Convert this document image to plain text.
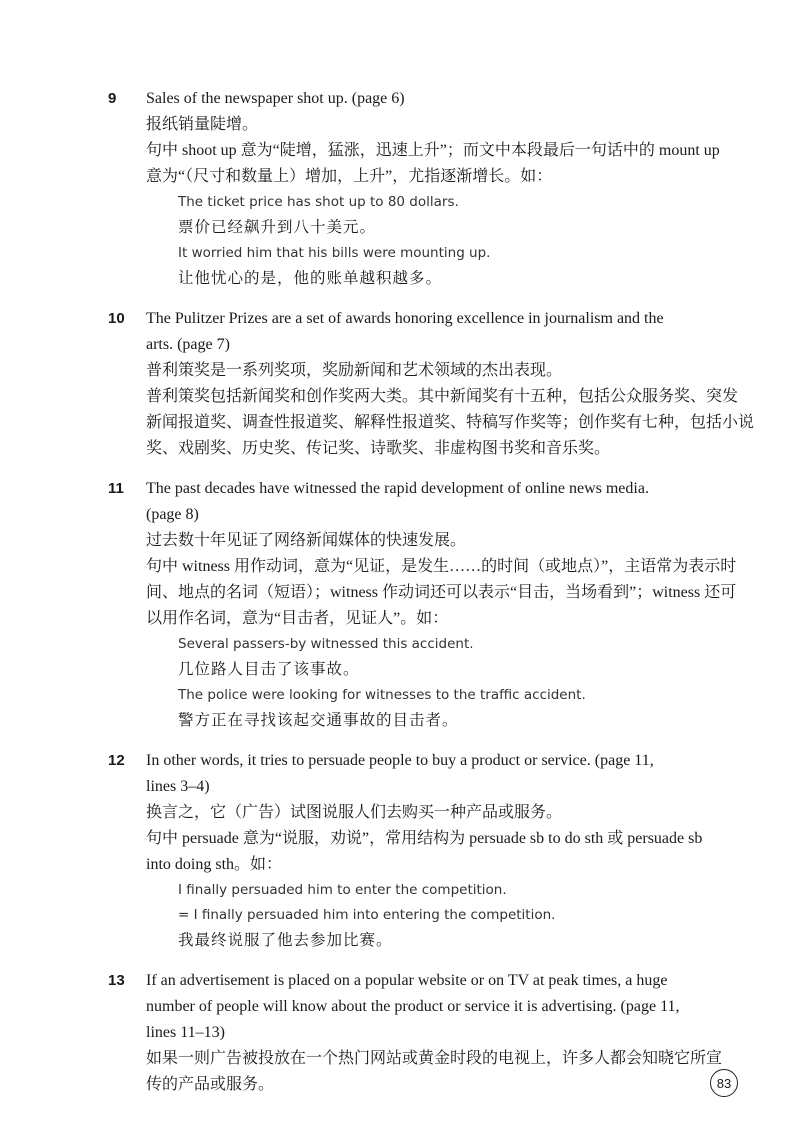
9 Sales of the newspaper shot up. (page 6)
报纸销量陡增。
句中 shoot up 意为“陡增，猛涨，迅速上升”；而文中本段最后一句话中的 mount up
意为“（尺寸和数量上）增加，上升”，尤指逐渐增长。如：
The ticket price has shot up to 80 dollars.
票价已经飙升到八十美元。
It worried him that his bills were mounting up.
让他忧心的是，他的账单越积越多。
10 The Pulitzer Prizes are a set of awards honoring excellence in journalism and the
arts. (page 7)
普利策奖是一系列奖项，奖励新闻和艺术领域的杰出表现。
普利策奖包括新闻奖和创作奖两大类。其中新闻奖有十五种，包括公众服务奖、突发
新闻报道奖、调查性报道奖、解释性报道奖、特稿写作奖等；创作奖有七种，包括小说
奖、戏剧奖、历史奖、传记奖、诗歌奖、非虚构图书奖和音乐奖。
11 The past decades have witnessed the rapid development of online news media.
(page 8)
过去数十年见证了网络新闻媒体的快速发展。
句中 witness 用作动词，意为“见证，是发生……的时间（或地点）”，主语常为表示时
间、地点的名词（短语）；witness 作动词还可以表示“目击，当场看到”；witness 还可
以用作名词，意为“目击者，见证人”。如：
Several passers-by witnessed this accident.
几位路人目击了该事故。
The police were looking for witnesses to the traffic accident.
警方正在寻找该起交通事故的目击者。
12 In other words, it tries to persuade people to buy a product or service. (page 11,
lines 3–4)
换言之，它（广告）试图说服人们去购买一种产品或服务。
句中 persuade 意为“说服，劝说”，常用结构为 persuade sb to do sth 或 persuade sb
into doing sth。如：
I finally persuaded him to enter the competition.
= I finally persuaded him into entering the competition.
我最终说服了他去参加比赛。
13 If an advertisement is placed on a popular website or on TV at peak times, a huge
number of people will know about the product or service it is advertising. (page 11,
lines 11–13)
如果一则广告被投放在一个热门网站或黄金时段的电视上，许多人都会知晓它所宣
传的产品或服务。	83
